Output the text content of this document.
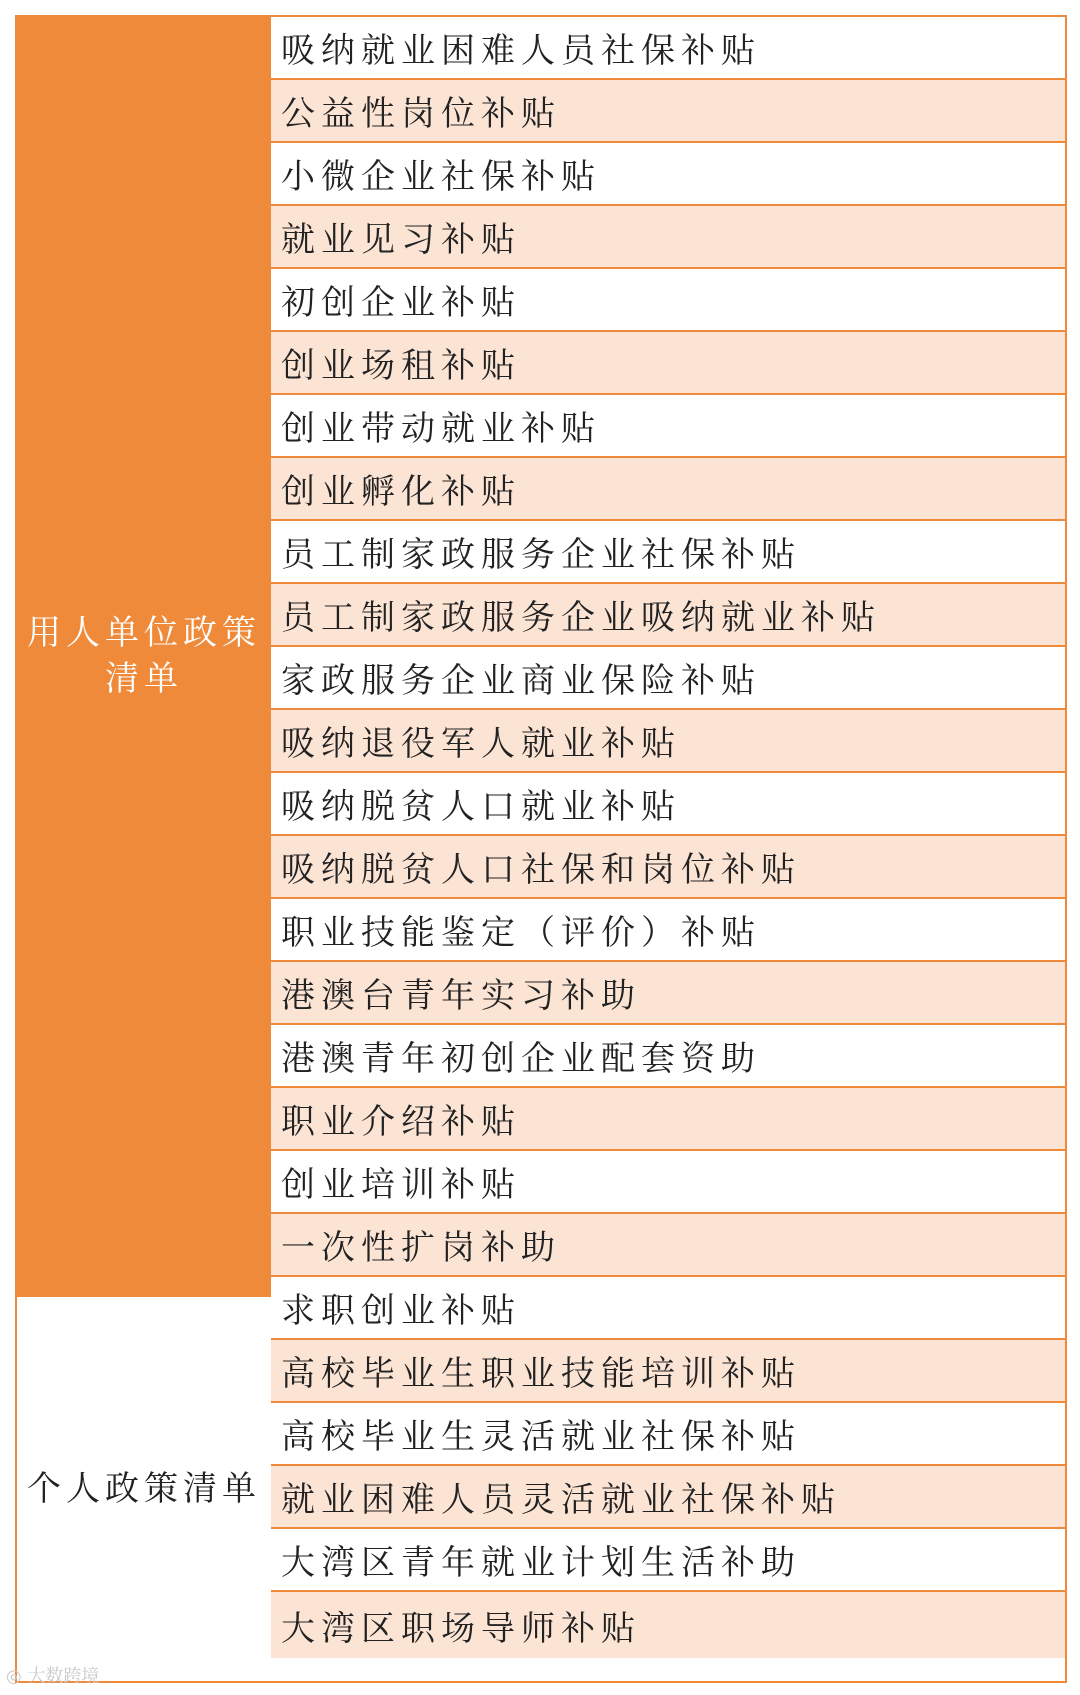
用人单位政策
清单
个人政策清单
吸纳就业困难人员社保补贴
公益性岗位补贴
小微企业社保补贴
就业见习补贴
初创企业补贴
创业场租补贴
创业带动就业补贴
创业孵化补贴
员工制家政服务企业社保补贴
员工制家政服务企业吸纳就业补贴
家政服务企业商业保险补贴
吸纳退役军人就业补贴
吸纳脱贫人口就业补贴
吸纳脱贫人口社保和岗位补贴
职业技能鉴定（评价）补贴
港澳台青年实习补助
港澳青年初创企业配套资助
职业介绍补贴
创业培训补贴
一次性扩岗补助
求职创业补贴
高校毕业生职业技能培训补贴
高校毕业生灵活就业社保补贴
就业困难人员灵活就业社保补贴
大湾区青年就业计划生活补助
大湾区职场导师补贴
◎ 大数跨境
